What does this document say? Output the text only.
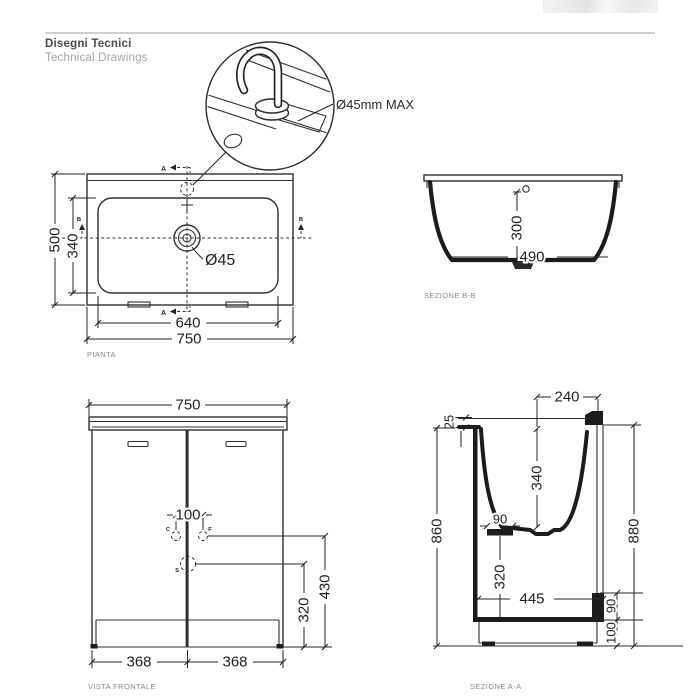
Disegni Tecnici
Technical Drawings
Ø45mm MAX
A
A
B	B
500 340
640
750
Ø45
PIANTA
300
490
SEZIONE B-B
750
C	F
S
100
430
320
368	368
VISTA FRONTALE
240
25
340
90
320
445
860	880
90
100
SEZIONE A-A
